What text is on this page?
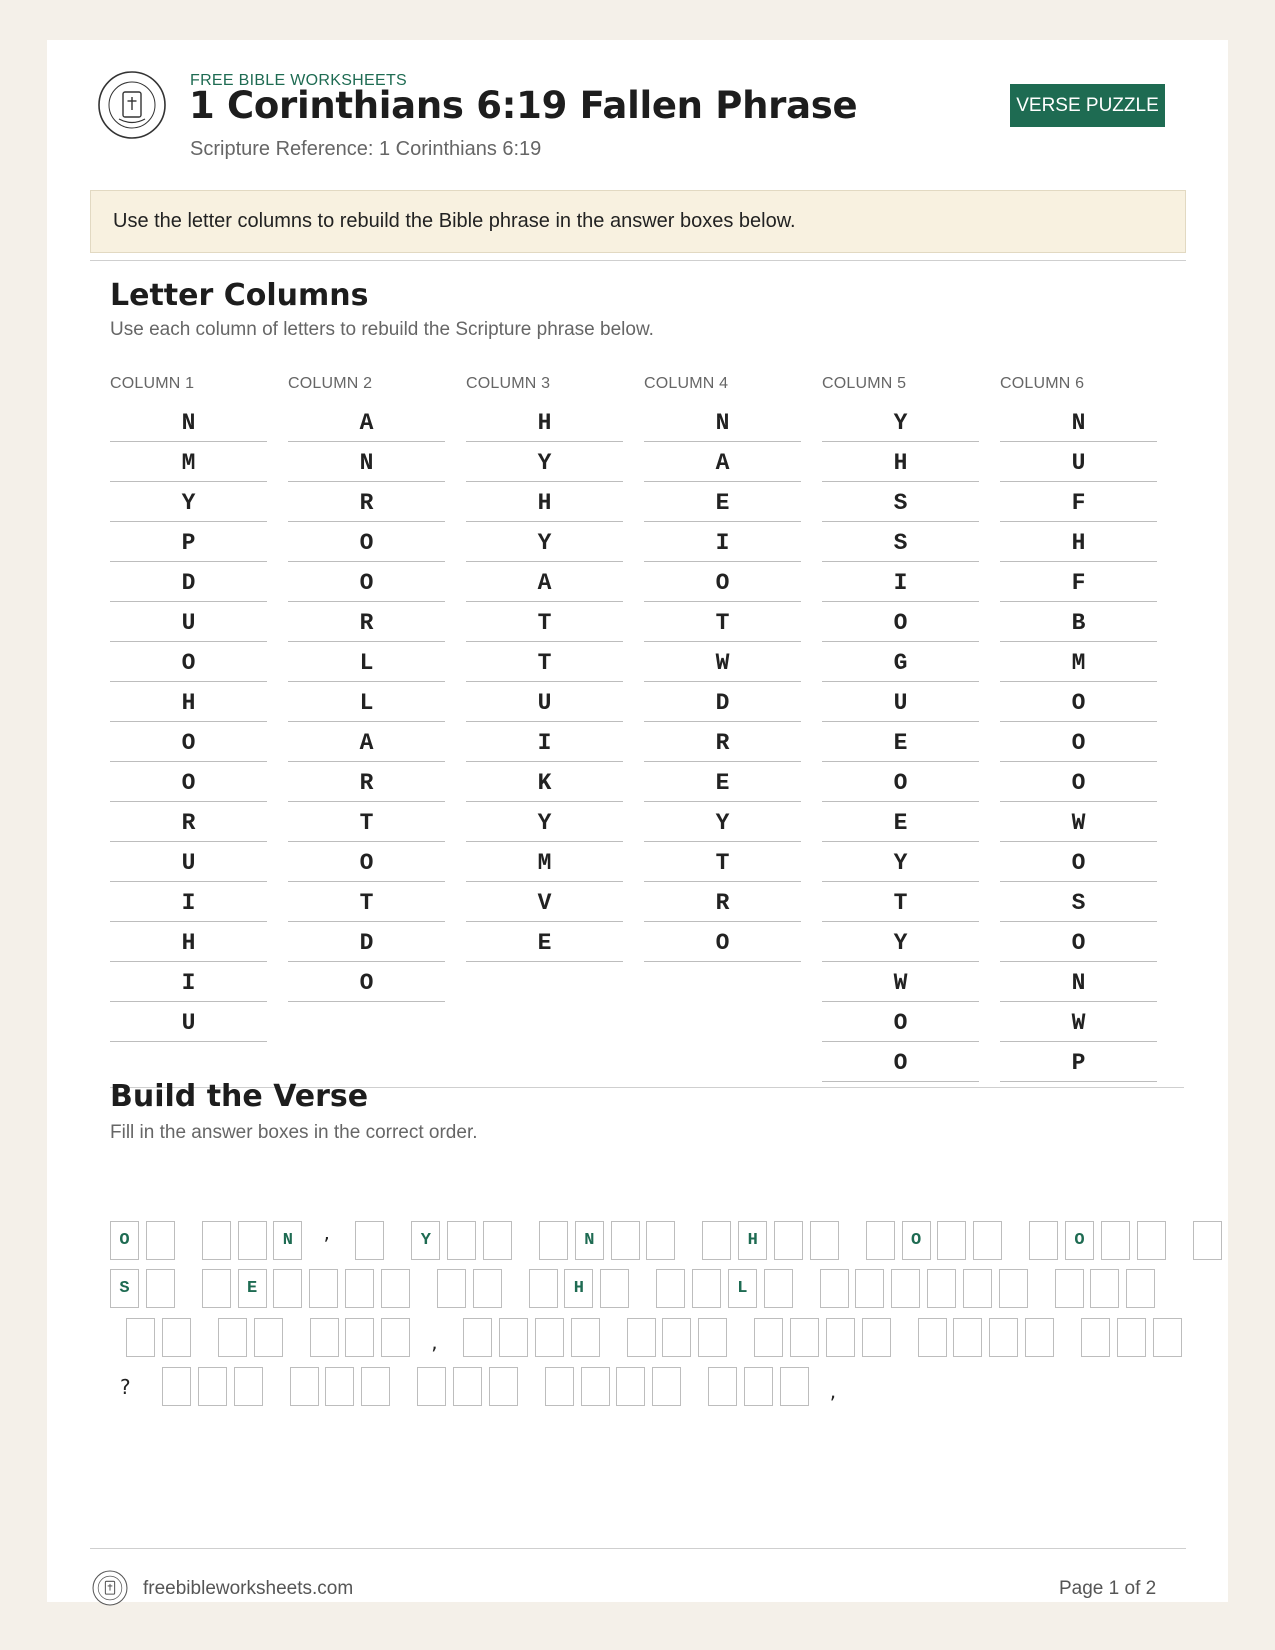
FREE BIBLE WORKSHEETS
1 Corinthians 6:19 Fallen Phrase
Scripture Reference: 1 Corinthians 6:19
VERSE PUZZLE
Use the letter columns to rebuild the Bible phrase in the answer boxes below.
Letter Columns
Use each column of letters to rebuild the Scripture phrase below.
COLUMN 1
N
M
Y
P
D
U
O
H
O
O
R
U
I
H
I
U
COLUMN 2
A
N
R
O
O
R
L
L
A
R
T
O
T
D
O
COLUMN 3
H
Y
H
Y
A
T
T
U
I
K
Y
M
V
E
COLUMN 4
N
A
E
I
O
T
W
D
R
E
Y
T
R
O
COLUMN 5
Y
H
S
S
I
O
G
U
E
O
E
Y
T
Y
W
O
O
COLUMN 6
N
U
F
H
F
B
M
O
O
O
W
O
S
O
N
W
P
Build the Verse
Fill in the answer boxes in the correct order.
O	N	’	Y	N	H	O	O
S	E	H	L
,
?	,
freebibleworksheets.com	Page 1 of 2
